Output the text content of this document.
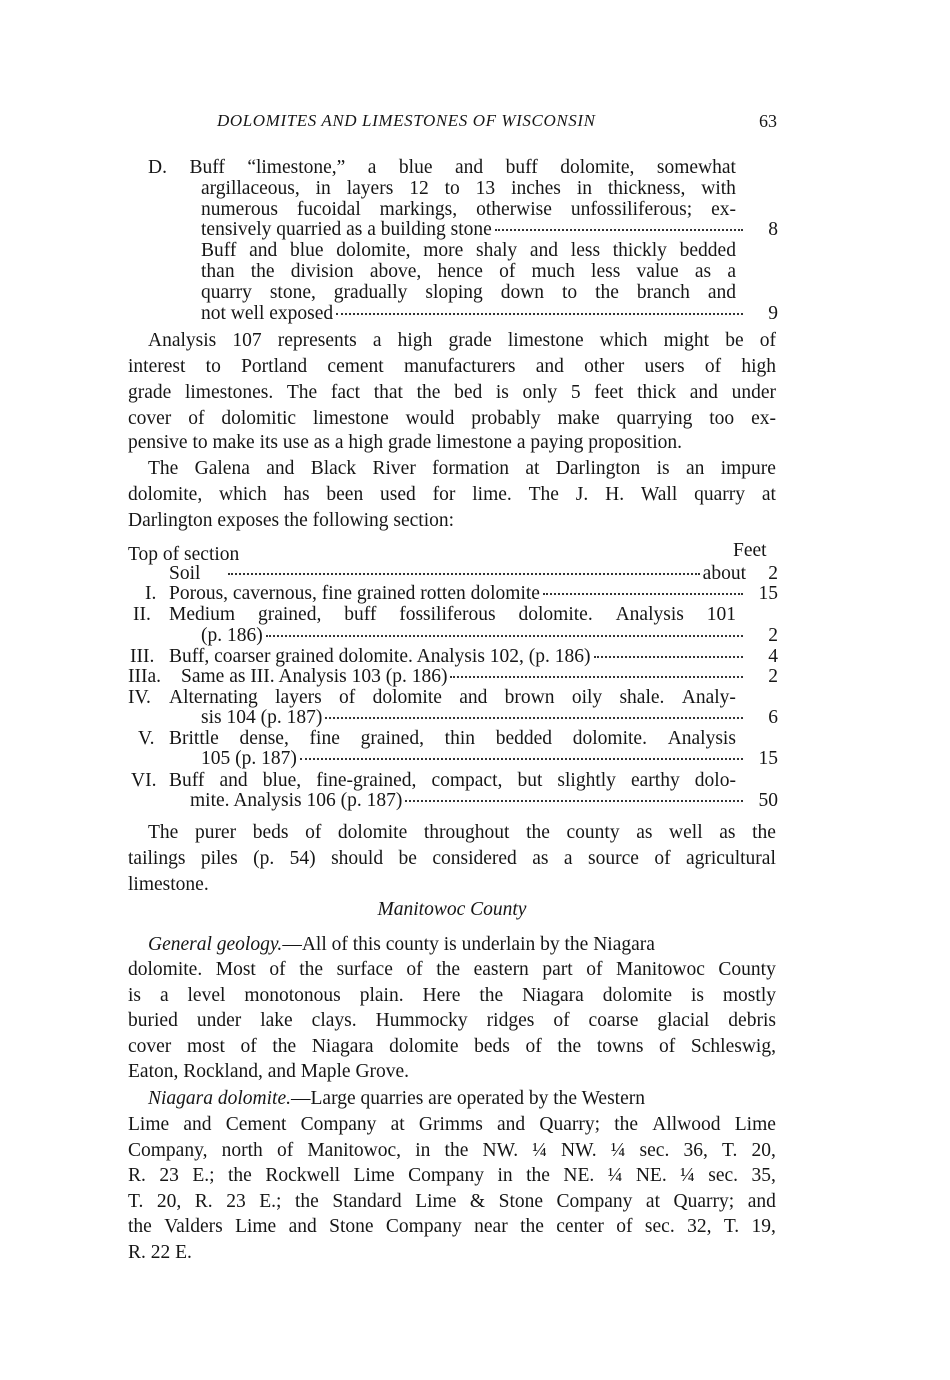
DOLOMITES AND LIMESTONES OF WISCONSIN	63
D. Buff “limestone,” a blue and buff dolomite, somewhat
argillaceous, in layers 12 to 13 inches in thickness, with
numerous fucoidal markings, otherwise unfossiliferous; ex-
tensively quarried as a building stone	8
Buff and blue dolomite, more shaly and less thickly bedded
than the division above, hence of much less value as a
quarry stone, gradually sloping down to the branch and
not well exposed	9
Analysis 107 represents a high grade limestone which might be of
interest to Portland cement manufacturers and other users of high
grade limestones. The fact that the bed is only 5 feet thick and under
cover of dolomitic limestone would probably make quarrying too ex-
pensive to make its use as a high grade limestone a paying proposition.
The Galena and Black River formation at Darlington is an impure
dolomite, which has been used for lime. The J. H. Wall quarry at
Darlington exposes the following section:
Top of section	Feet
Soil	about	2
I. Porous, cavernous, fine grained rotten dolomite	15
II. Medium grained, buff fossiliferous dolomite. Analysis 101
(p. 186)	2
III. Buff, coarser grained dolomite. Analysis 102, (p. 186)	4
IIIa. Same as III. Analysis 103 (p. 186)	2
IV. Alternating layers of dolomite and brown oily shale. Analy-
sis 104 (p. 187)	6
V. Brittle dense, fine grained, thin bedded dolomite. Analysis
105 (p. 187)	15
VI. Buff and blue, fine-grained, compact, but slightly earthy dolo-
mite. Analysis 106 (p. 187)	50
The purer beds of dolomite throughout the county as well as the
tailings piles (p. 54) should be considered as a source of agricultural
limestone.
Manitowoc County
General geology.—All of this county is underlain by the Niagara
dolomite. Most of the surface of the eastern part of Manitowoc County
is a level monotonous plain. Here the Niagara dolomite is mostly
buried under lake clays. Hummocky ridges of coarse glacial debris
cover most of the Niagara dolomite beds of the towns of Schleswig,
Eaton, Rockland, and Maple Grove.
Niagara dolomite.—Large quarries are operated by the Western
Lime and Cement Company at Grimms and Quarry; the Allwood Lime
Company, north of Manitowoc, in the NW. ¼ NW. ¼ sec. 36, T. 20,
R. 23 E.; the Rockwell Lime Company in the NE. ¼ NE. ¼ sec. 35,
T. 20, R. 23 E.; the Standard Lime & Stone Company at Quarry; and
the Valders Lime and Stone Company near the center of sec. 32, T. 19,
R. 22 E.
